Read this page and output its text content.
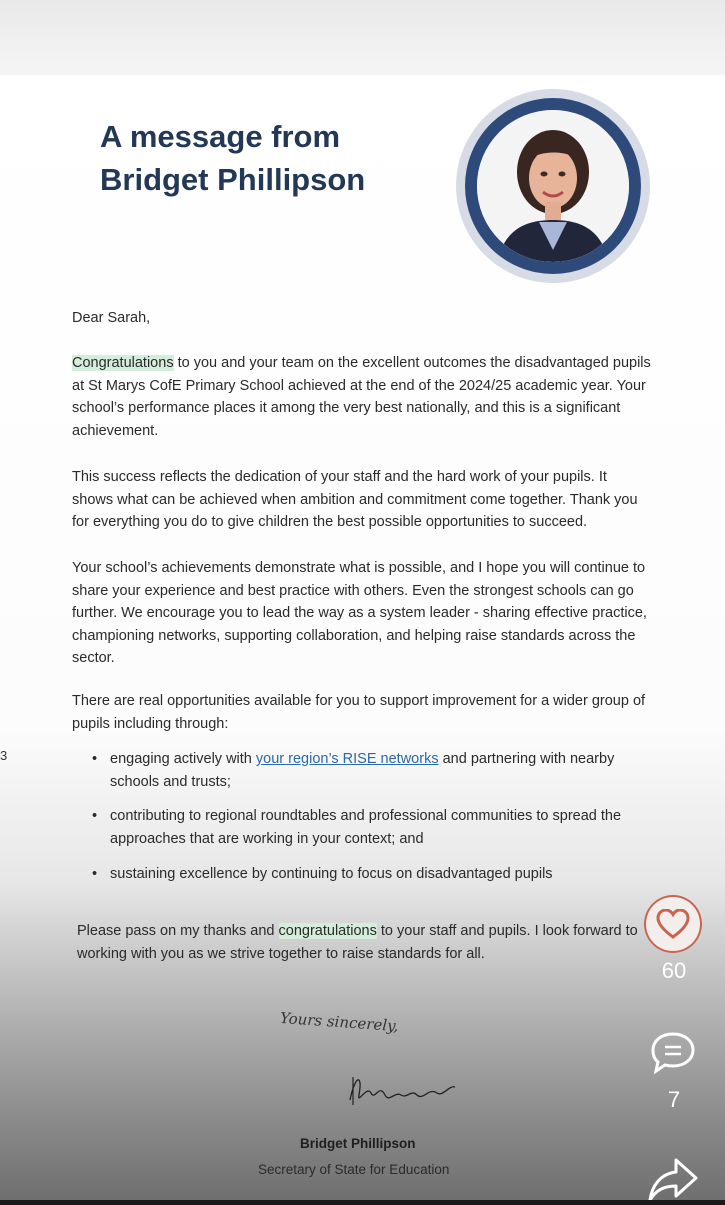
A message from
Bridget Phillipson
Dear Sarah,
Congratulations to you and your team on the excellent outcomes the disadvantaged pupils at St Marys CofE Primary School achieved at the end of the 2024/25 academic year. Your school’s performance places it among the very best nationally, and this is a significant achievement.
This success reflects the dedication of your staff and the hard work of your pupils. It shows what can be achieved when ambition and commitment come together. Thank you for everything you do to give children the best possible opportunities to succeed.
Your school’s achievements demonstrate what is possible, and I hope you will continue to share your experience and best practice with others. Even the strongest schools can go further. We encourage you to lead the way as a system leader - sharing effective practice, championing networks, supporting collaboration, and helping raise standards across the sector.
There are real opportunities available for you to support improvement for a wider group of pupils including through:
• engaging actively with your region’s RISE networks and partnering with nearby schools and trusts;
• contributing to regional roundtables and professional communities to spread the approaches that are working in your context; and
• sustaining excellence by continuing to focus on disadvantaged pupils
Please pass on my thanks and congratulations to your staff and pupils. I look forward to working with you as we strive together to raise standards for all.
Yours sincerely,
Bridget Phillipson
Secretary of State for Education
3
60
7
